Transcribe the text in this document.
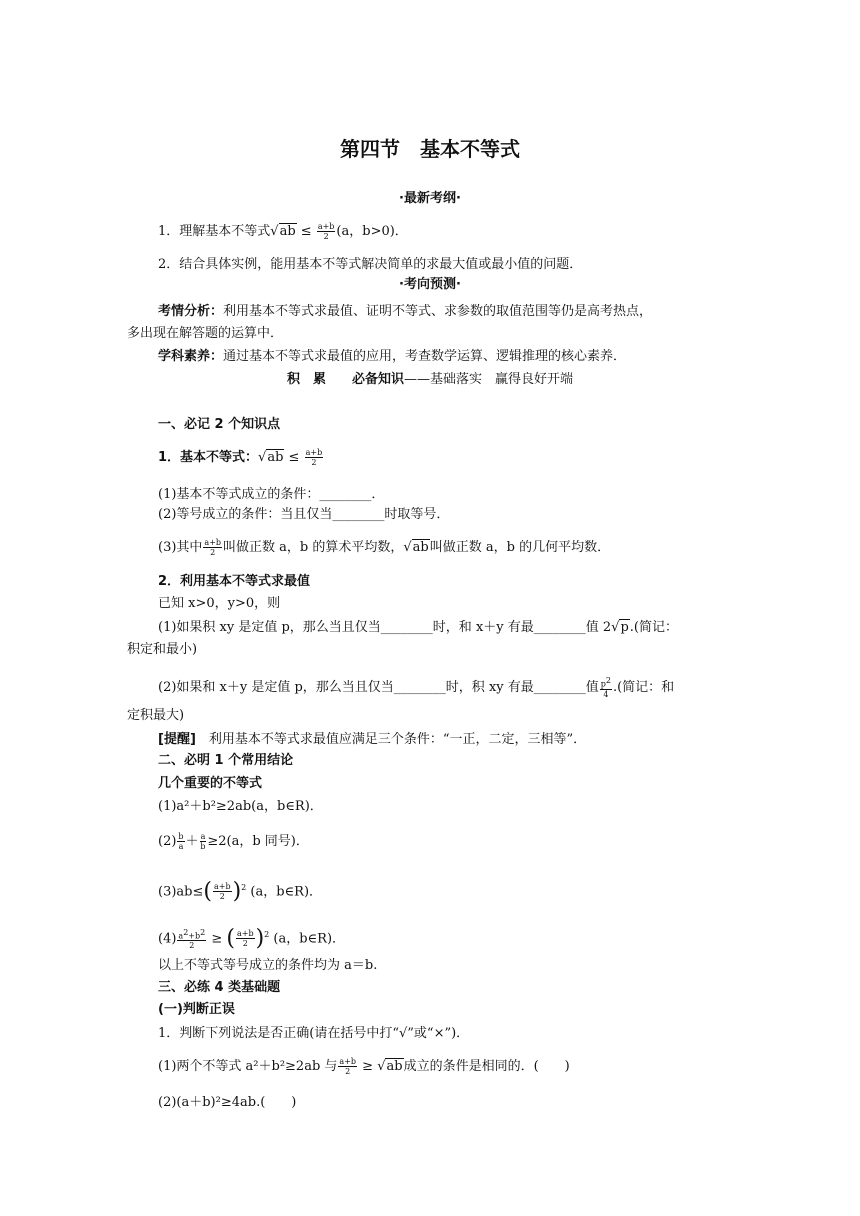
第四节　基本不等式
·最新考纲·
1．理解基本不等式$√ab \le \frac{a+b}{2} (a$，b>0)．
2．结合具体实例，能用基本不等式解决简单的求最大值或最小值的问题．
·考向预测·
考情分析：利用基本不等式求最值、证明不等式、求参数的取值范围等仍是高考热点，
多出现在解答题的运算中．
学科素养：通过基本不等式求最值的应用，考查数学运算、逻辑推理的核心素养．
积　累　　 必备知识——基础落实　赢得良好开端
一、必记 2 个知识点
1．基本不等式：$√ab \le \frac{a+b}{2}$
(1)基本不等式成立的条件：________．
(2)等号成立的条件：当且仅当________时取等号．
(3)其中 $\frac{a+b}{2}$ 叫做正数 a，b 的算术平均数，√ab叫做正数 a，b 的几何平均数．
2．利用基本不等式求最值
已知 x>0，y>0，则
(1)如果积 xy 是定值 p，那么当且仅当________时，和 x＋y 有最________值 2√p.(简记：
积定和最小)
(2)如果和 x＋y 是定值 p，那么当且仅当________时，积 xy 有最________值 $\frac{p2}{4}$ .(简记：和
定积最大)
[提醒]　利用基本不等式求最值应满足三个条件：“一正，二定，三相等”．
二、必明 1 个常用结论
几个重要的不等式
(1)a²＋b²≥2ab(a，b∈R)．
$(2) \frac{b}{a} + \frac{a}{b} \ge 2(a$，b 同号)．
$(3)ab\le( \frac{a+b}{2} )^2$ (a，b∈R)．
$(4) \frac{a2+b2}{2}$ ≥ ( $\frac{a+b}{2} )^2$ (a，b∈R)．
以上不等式等号成立的条件均为 a＝b.
三、必练 4 类基础题
(一)判断正误
1．判断下列说法是否正确(请在括号中打“√”或“×”)．
(1)两个不等式 a²＋b²≥2ab 与 $\frac{a+b}{2} \ge √ab$成立的条件是相同的．(　　)
(2)(a＋b)²≥4ab.(　　)
